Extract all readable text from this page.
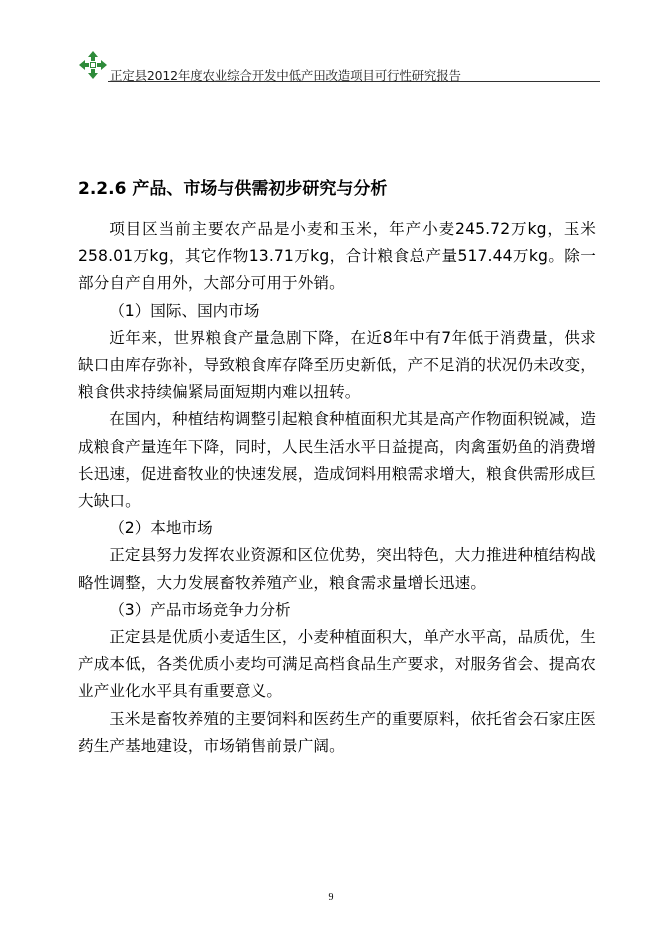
正定县2012年度农业综合开发中低产田改造项目可行性研究报告
2.2.6 产品、市场与供需初步研究与分析

项目区当前主要农产品是小麦和玉米，年产小麦245.72万kg，玉米258.01万kg，其它作物13.71万kg，合计粮食总产量517.44万kg。除一部分自产自用外，大部分可用于外销。

（1）国际、国内市场

近年来，世界粮食产量急剧下降，在近8年中有7年低于消费量，供求缺口由库存弥补，导致粮食库存降至历史新低，产不足消的状况仍未改变，粮食供求持续偏紧局面短期内难以扭转。

在国内，种植结构调整引起粮食种植面积尤其是高产作物面积锐减，造成粮食产量连年下降，同时，人民生活水平日益提高，肉禽蛋奶鱼的消费增长迅速，促进畜牧业的快速发展，造成饲料用粮需求增大，粮食供需形成巨大缺口。

（2）本地市场

正定县努力发挥农业资源和区位优势，突出特色，大力推进种植结构战略性调整，大力发展畜牧养殖产业，粮食需求量增长迅速。

（3）产品市场竞争力分析

正定县是优质小麦适生区，小麦种植面积大，单产水平高，品质优，生产成本低，各类优质小麦均可满足高档食品生产要求，对服务省会、提高农业产业化水平具有重要意义。

玉米是畜牧养殖的主要饲料和医药生产的重要原料，依托省会石家庄医药生产基地建设，市场销售前景广阔。

9
